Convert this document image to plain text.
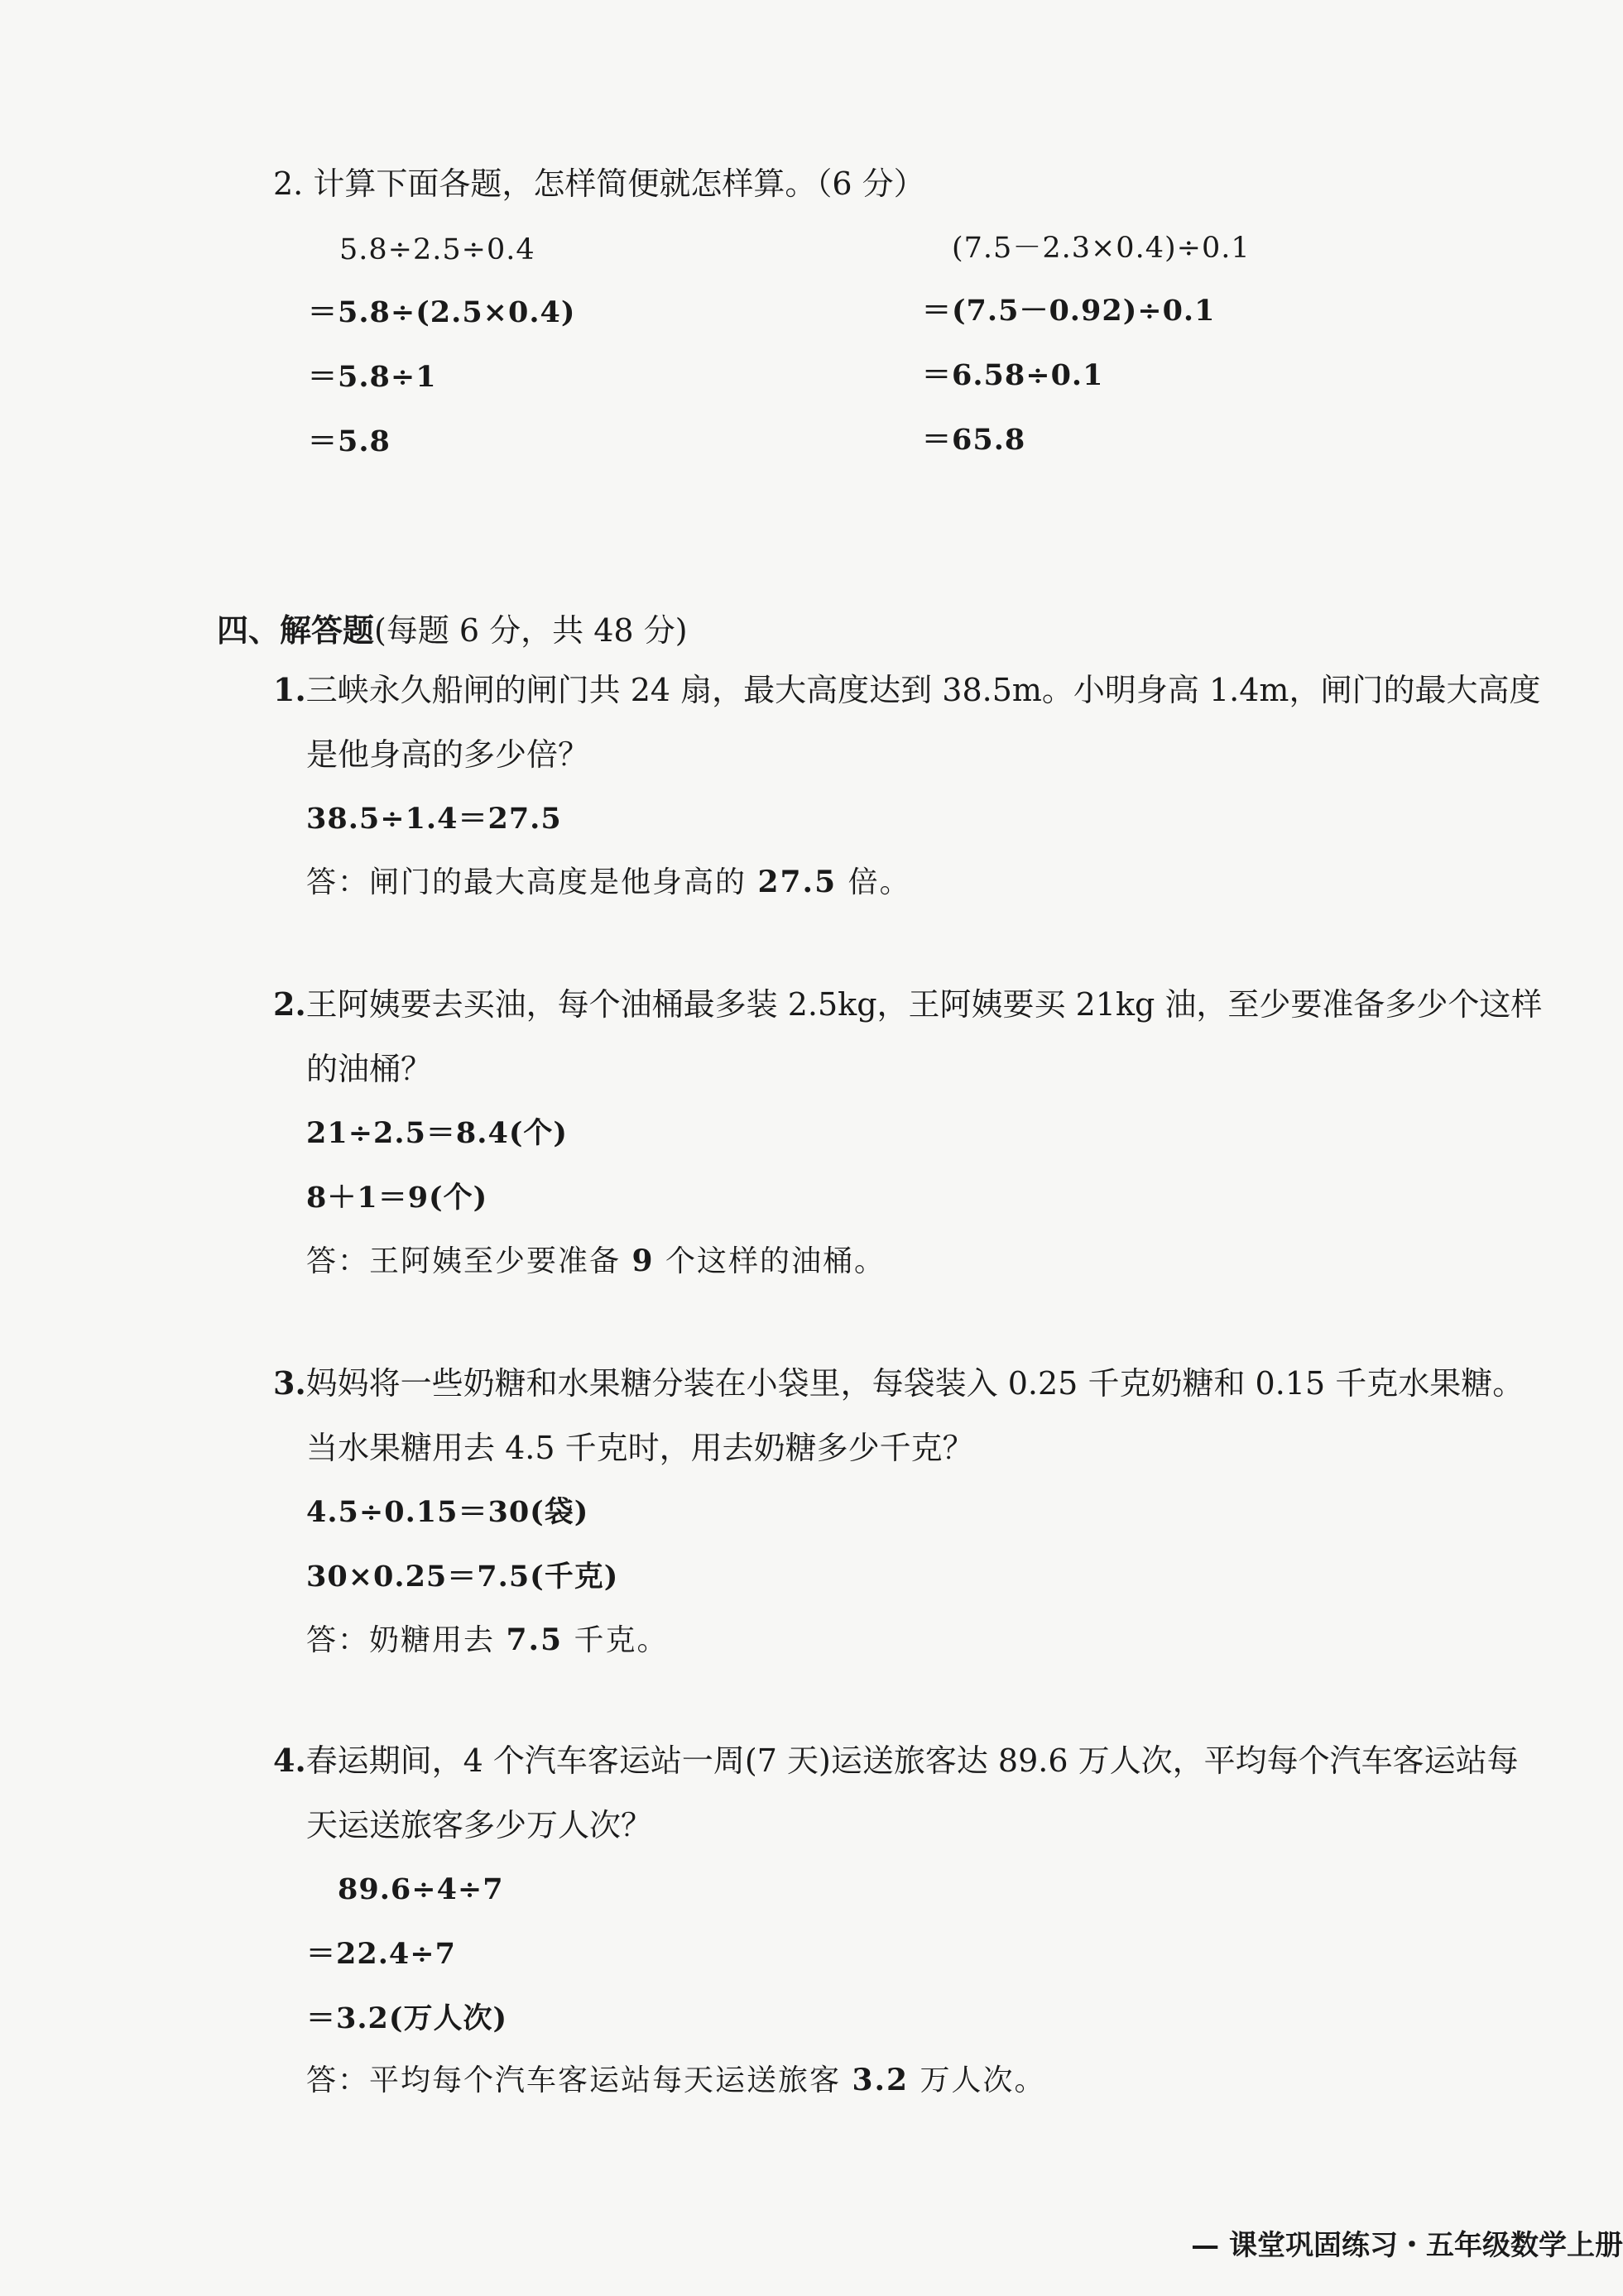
2. 计算下面各题，怎样简便就怎样算。（6 分）
5.8÷2.5÷0.4
＝5.8÷(2.5×0.4)
＝5.8÷1
＝5.8
(7.5－2.3×0.4)÷0.1
＝(7.5－0.92)÷0.1
＝6.58÷0.1
＝65.8
四、解答题(每题 6 分，共 48 分)
1.三峡永久船闸的闸门共 24 扇，最大高度达到 38.5m。小明身高 1.4m，闸门的最大高度
是他身高的多少倍？
38.5÷1.4＝27.5
答：闸门的最大高度是他身高的 27.5 倍。
2.王阿姨要去买油，每个油桶最多装 2.5kg，王阿姨要买 21kg 油，至少要准备多少个这样
的油桶？
21÷2.5＝8.4(个)
8＋1＝9(个)
答：王阿姨至少要准备 9 个这样的油桶。
3.妈妈将一些奶糖和水果糖分装在小袋里，每袋装入 0.25 千克奶糖和 0.15 千克水果糖。
当水果糖用去 4.5 千克时，用去奶糖多少千克？
4.5÷0.15＝30(袋)
30×0.25＝7.5(千克)
答：奶糖用去 7.5 千克。
4.春运期间，4 个汽车客运站一周(7 天)运送旅客达 89.6 万人次，平均每个汽车客运站每
天运送旅客多少万人次？
89.6÷4÷7
＝22.4÷7
＝3.2(万人次)
答：平均每个汽车客运站每天运送旅客 3.2 万人次。
— 课堂巩固练习・五年级数学上册
